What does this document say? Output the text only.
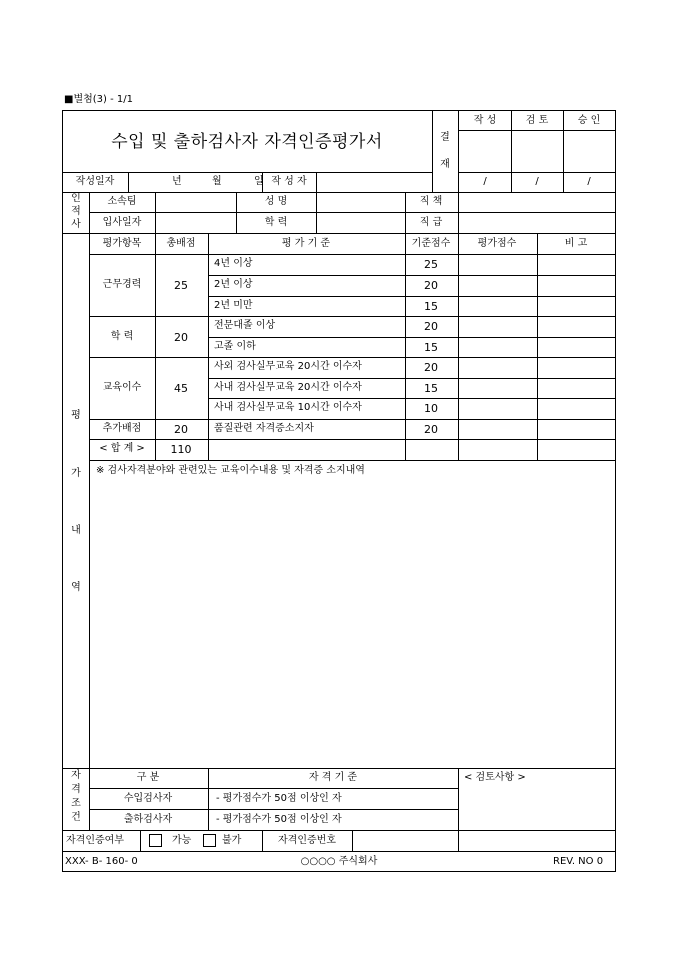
■별첨(3) - 1/1
수입 및 출하검사자 자격인증평가서	결
재
작 성	검 토	승 인
/	/	/
작성일자	년	월	일 작 성 자
인
적
사
소속팀	성 명	직 책
입사일자	학 력	직 급
평
가
내
역
평가항목	총배점	평 가 기 준	기준점수	평가점수	비 고
근무경력	25
4년 이상	25
2년 이상	20
2년 미만	15
학 력	20
전문대졸 이상	20
고졸 이하	15
교육이수	45
사외 검사실무교육 20시간 이수자	20
사내 검사실무교육 20시간 이수자	15
사내 검사실무교육 10시간 이수자	10
추가배점	20	품질관련 자격증소지자	20
< 합 계 > 110
※ 검사자격분야와 관련있는 교육이수내용 및 자격증 소지내역
자
격
조
건
구 분	자 격 기 준	< 검토사항 >
수입검사자	- 평가점수가 50점 이상인 자
출하검사자	- 평가점수가 50점 이상인 자
자격인증여부	가능	불가	자격인증번호
XXX- B- 160- 0	○○○○ 주식회사	REV. NO 0
